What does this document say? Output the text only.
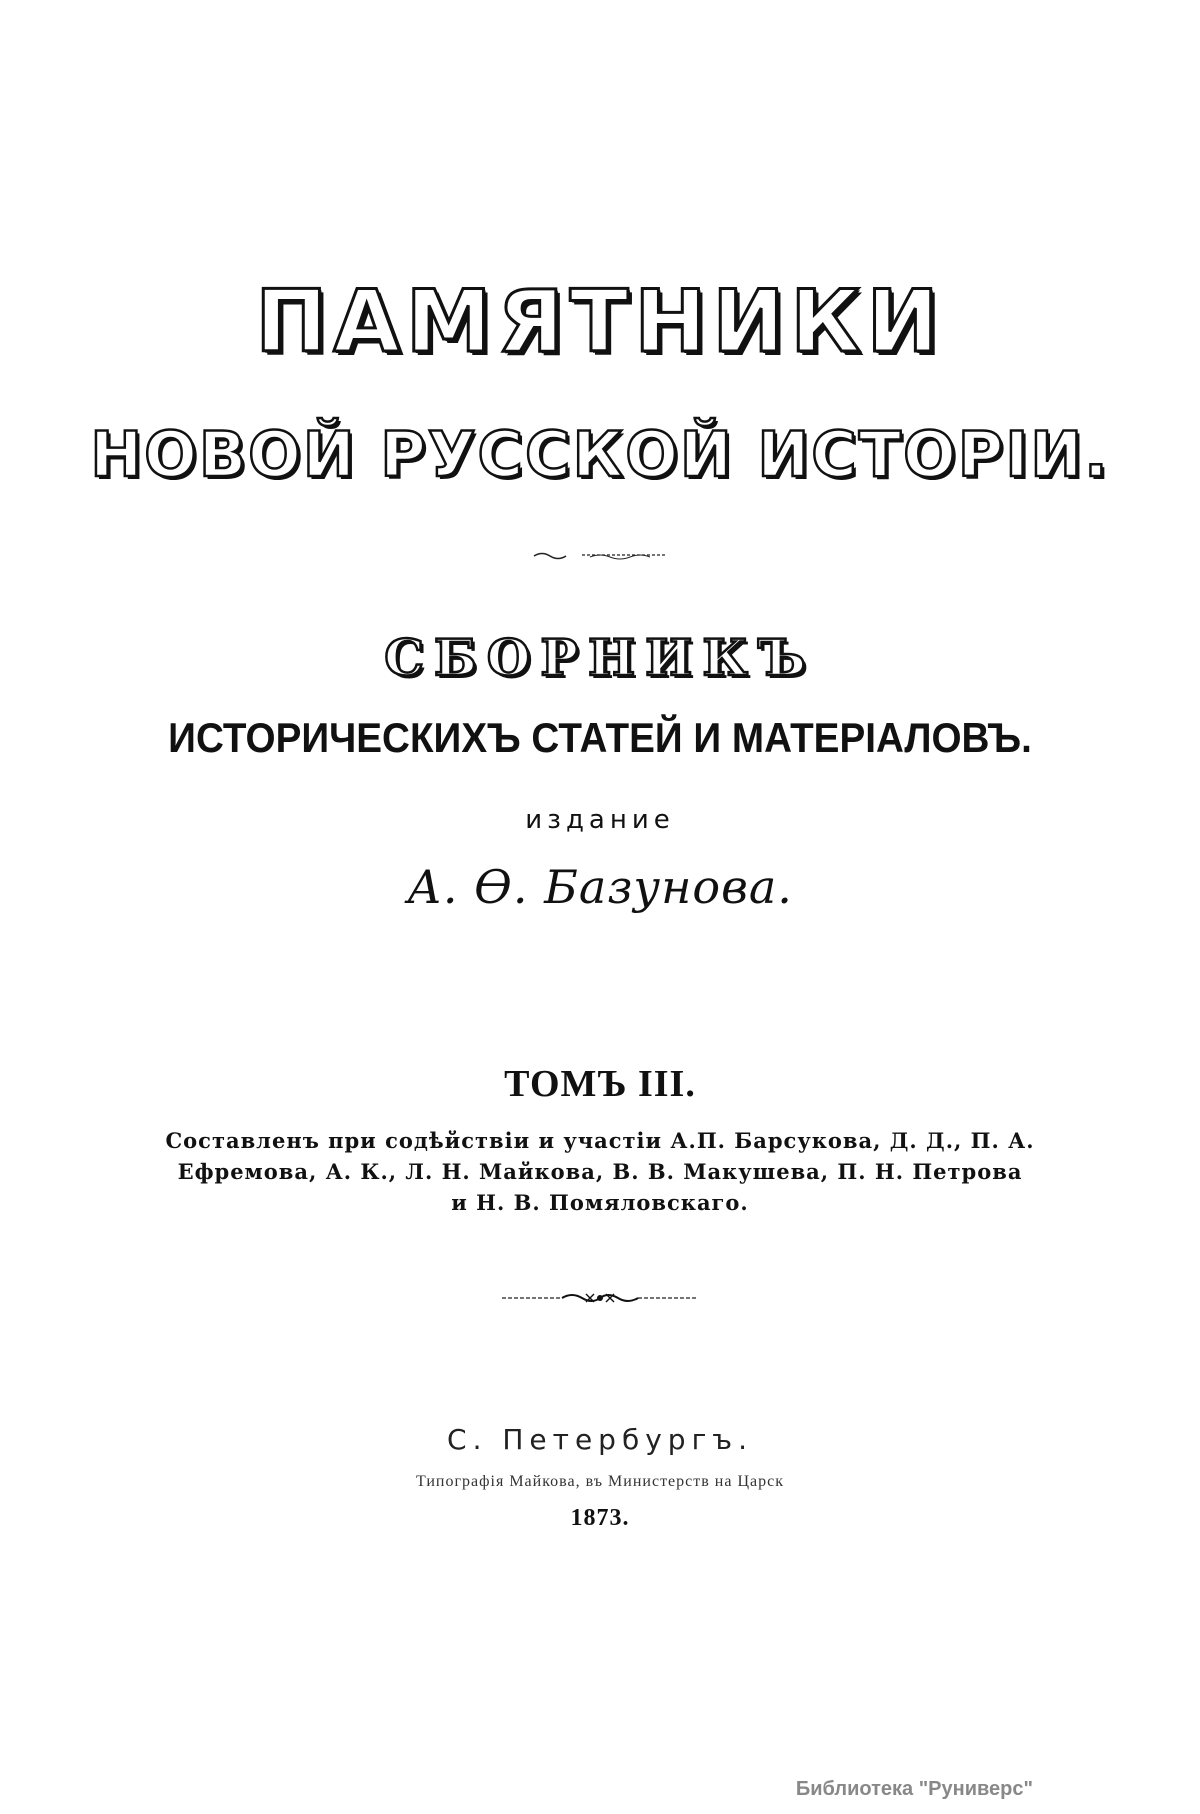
ПАМЯТНИКИ
НОВОЙ РУССКОЙ ИСТОРІИ.
СБОРНИКЪ
ИСТОРИЧЕСКИХЪ СТАТЕЙ И МАТЕРІАЛОВЪ.
издание
А. Ѳ. Базунова.
ТОМЪ III.
Составленъ при содѣйствіи и участіи А.П. Барсукова, Д. Д., П. А.
Ефремова, А. К., Л. Н. Майкова, В. В. Макушева, П. Н. Петрова
и Н. В. Помяловскаго.
С. Петербургъ.
Типографія Майкова, въ Министерств на Царск
1873.
Библиотека "Руниверс"
